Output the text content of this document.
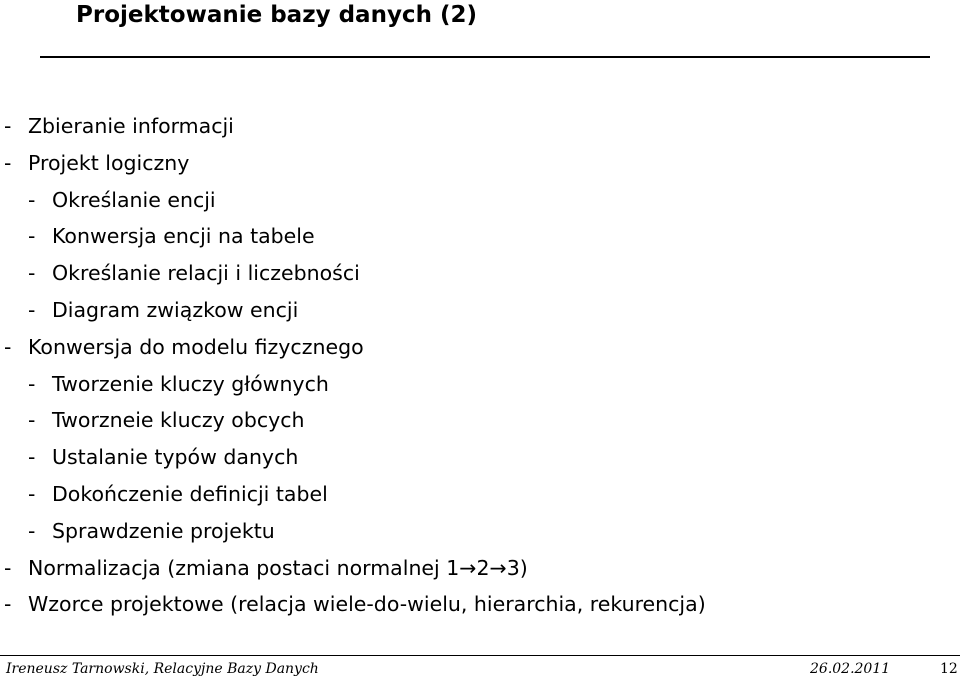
Projektowanie bazy danych (2)
- Zbieranie informacji
- Projekt logiczny
- Określanie encji
- Konwersja encji na tabele
- Określanie relacji i liczebności
- Diagram związkow encji
- Konwersja do modelu fizycznego
- Tworzenie kluczy głównych
- Tworzneie kluczy obcych
- Ustalanie typów danych
- Dokończenie definicji tabel
- Sprawdzenie projektu
- Normalizacja (zmiana postaci normalnej 1→2→3)
- Wzorce projektowe (relacja wiele-do-wielu, hierarchia, rekurencja)
Ireneusz Tarnowski, Relacyjne Bazy Danych	26.02.2011	12
